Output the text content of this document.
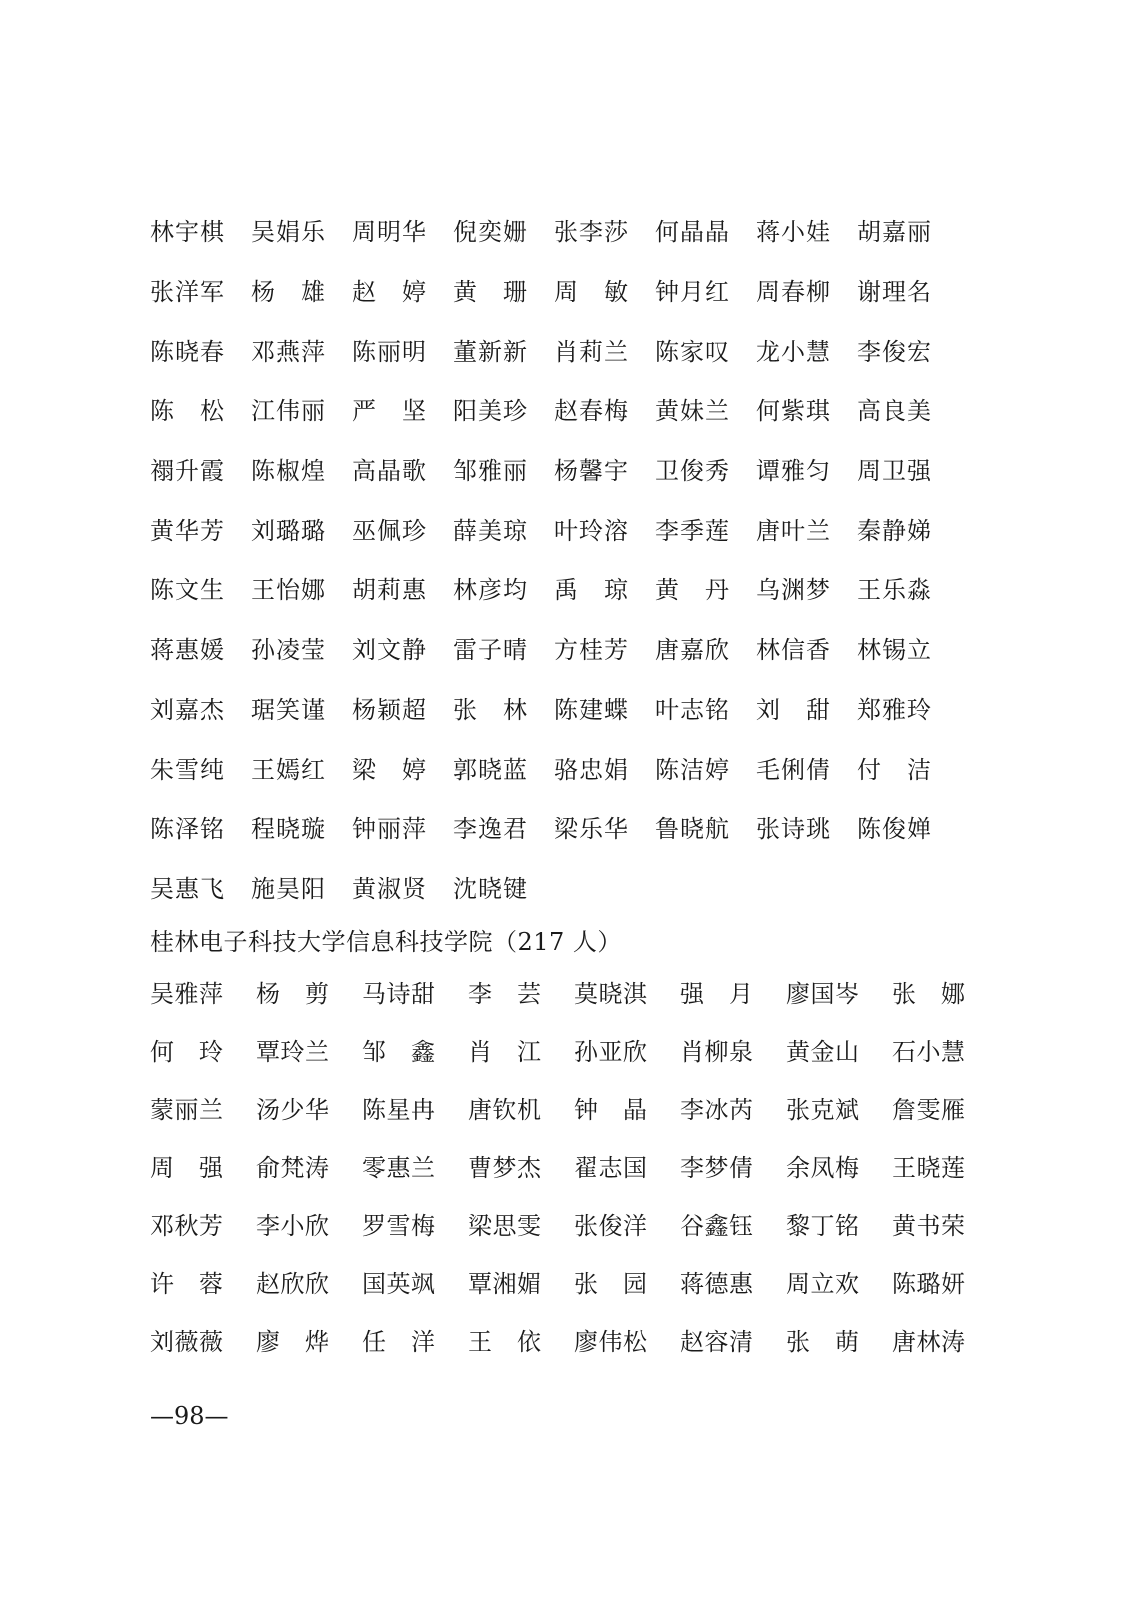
林宇棋	吴娟乐	周明华	倪奕姗	张李莎	何晶晶	蒋小娃	胡嘉丽
张洋军	杨　雄	赵　婷	黄　珊	周　敏	钟月红	周春柳	谢理名
陈晓春	邓燕萍	陈丽明	董新新	肖莉兰	陈家叹	龙小慧	李俊宏
陈　松	江伟丽	严　坚	阳美珍	赵春梅	黄妹兰	何紫琪	高良美
禤升霞	陈椒煌	高晶歌	邹雅丽	杨馨宇	卫俊秀	谭雅匀	周卫强
黄华芳	刘璐璐	巫佩珍	薛美琼	叶玲溶	李季莲	唐叶兰	秦静娣
陈文生	王怡娜	胡莉惠	林彦均	禹　琼	黄　丹	乌渊梦	王乐淼
蒋惠媛	孙凌莹	刘文静	雷子晴	方桂芳	唐嘉欣	林信香	林锡立
刘嘉杰	琚笑谨	杨颖超	张　林	陈建蝶	叶志铭	刘　甜	郑雅玲
朱雪纯	王嫣红	梁　婷	郭晓蓝	骆忠娟	陈洁婷	毛俐倩	付　洁
陈泽铭	程晓璇	钟丽萍	李逸君	梁乐华	鲁晓航	张诗珧	陈俊婵
吴惠飞	施昊阳	黄淑贤	沈晓键
桂林电子科技大学信息科技学院（217 人）
吴雅萍	杨　剪	马诗甜	李　芸	莫晓淇	强　月	廖国岑	张　娜
何　玲	覃玲兰	邹　鑫	肖　江	孙亚欣	肖柳泉	黄金山	石小慧
蒙丽兰	汤少华	陈星冉	唐钦机	钟　晶	李冰芮	张克斌	詹雯雁
周　强	俞梵涛	零惠兰	曹梦杰	翟志国	李梦倩	余凤梅	王晓莲
邓秋芳	李小欣	罗雪梅	梁思雯	张俊洋	谷鑫钰	黎丁铭	黄书荣
许　蓉	赵欣欣	国英飒	覃湘媚	张　园	蒋德惠	周立欢	陈璐妍
刘薇薇	廖　烨	任　洋	王　依	廖伟松	赵容清	张　萌	唐林涛
—98—
